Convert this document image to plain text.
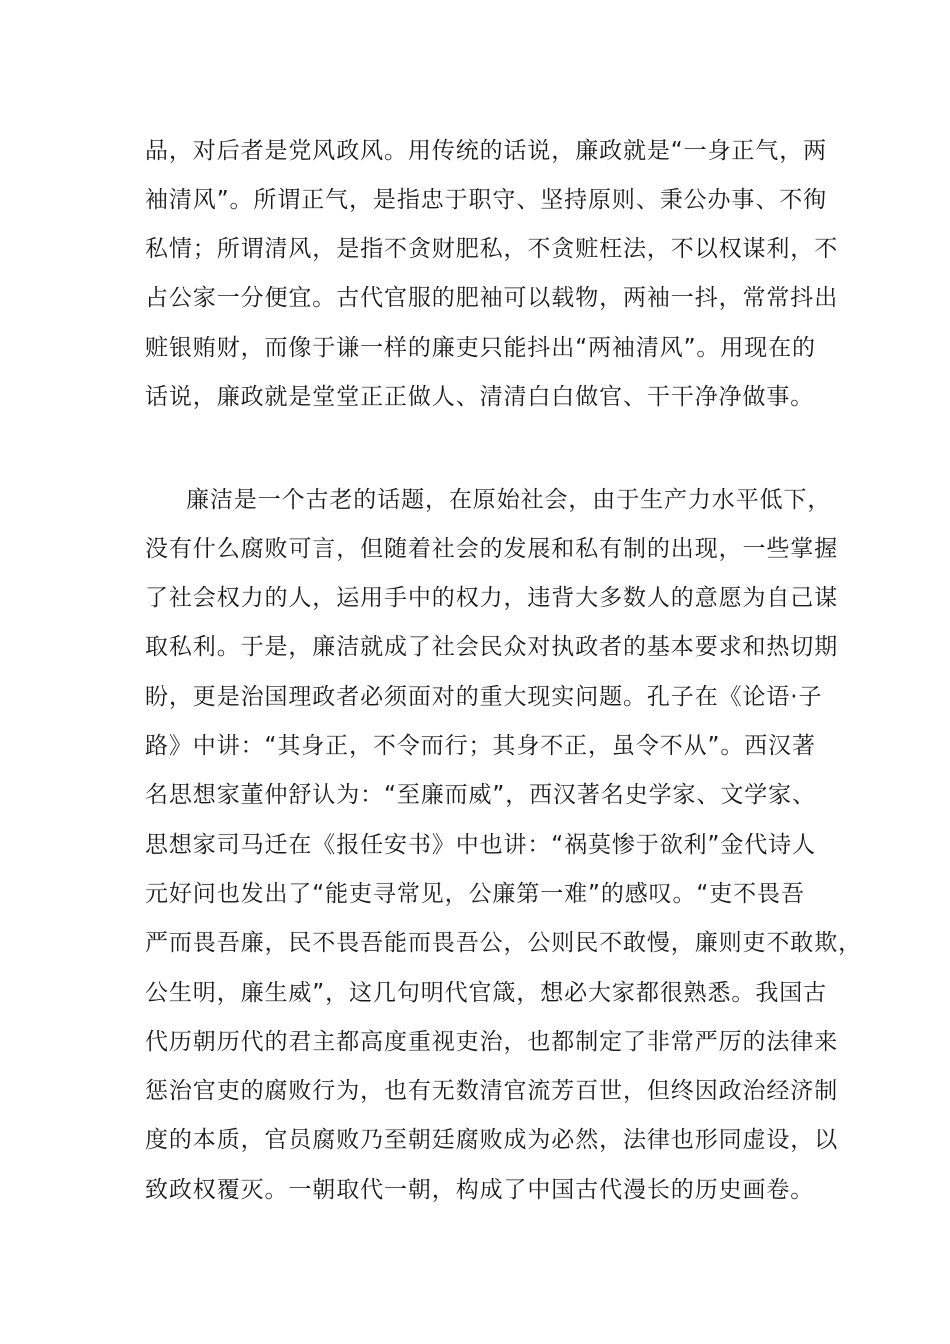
品，对后者是党风政风。用传统的话说，廉政就是“一身正气，两
袖清风”。所谓正气，是指忠于职守、坚持原则、秉公办事、不徇
私情；所谓清风，是指不贪财肥私，不贪赃枉法，不以权谋利，不
占公家一分便宜。古代官服的肥袖可以载物，两袖一抖，常常抖出
赃银贿财，而像于谦一样的廉吏只能抖出“两袖清风”。用现在的
话说，廉政就是堂堂正正做人、清清白白做官、干干净净做事。
廉洁是一个古老的话题，在原始社会，由于生产力水平低下，
没有什么腐败可言，但随着社会的发展和私有制的出现，一些掌握
了社会权力的人，运用手中的权力，违背大多数人的意愿为自己谋
取私利。于是，廉洁就成了社会民众对执政者的基本要求和热切期
盼，更是治国理政者必须面对的重大现实问题。孔子在《论语·子
路》中讲：“其身正，不令而行；其身不正，虽令不从”。西汉著
名思想家董仲舒认为：“至廉而威”，西汉著名史学家、文学家、
思想家司马迁在《报任安书》中也讲：“祸莫惨于欲利”金代诗人
元好问也发出了“能吏寻常见，公廉第一难”的感叹。“吏不畏吾
严而畏吾廉，民不畏吾能而畏吾公，公则民不敢慢，廉则吏不敢欺，
公生明，廉生威”，这几句明代官箴，想必大家都很熟悉。我国古
代历朝历代的君主都高度重视吏治，也都制定了非常严厉的法律来
惩治官吏的腐败行为，也有无数清官流芳百世，但终因政治经济制
度的本质，官员腐败乃至朝廷腐败成为必然，法律也形同虚设，以
致政权覆灭。一朝取代一朝，构成了中国古代漫长的历史画卷。
